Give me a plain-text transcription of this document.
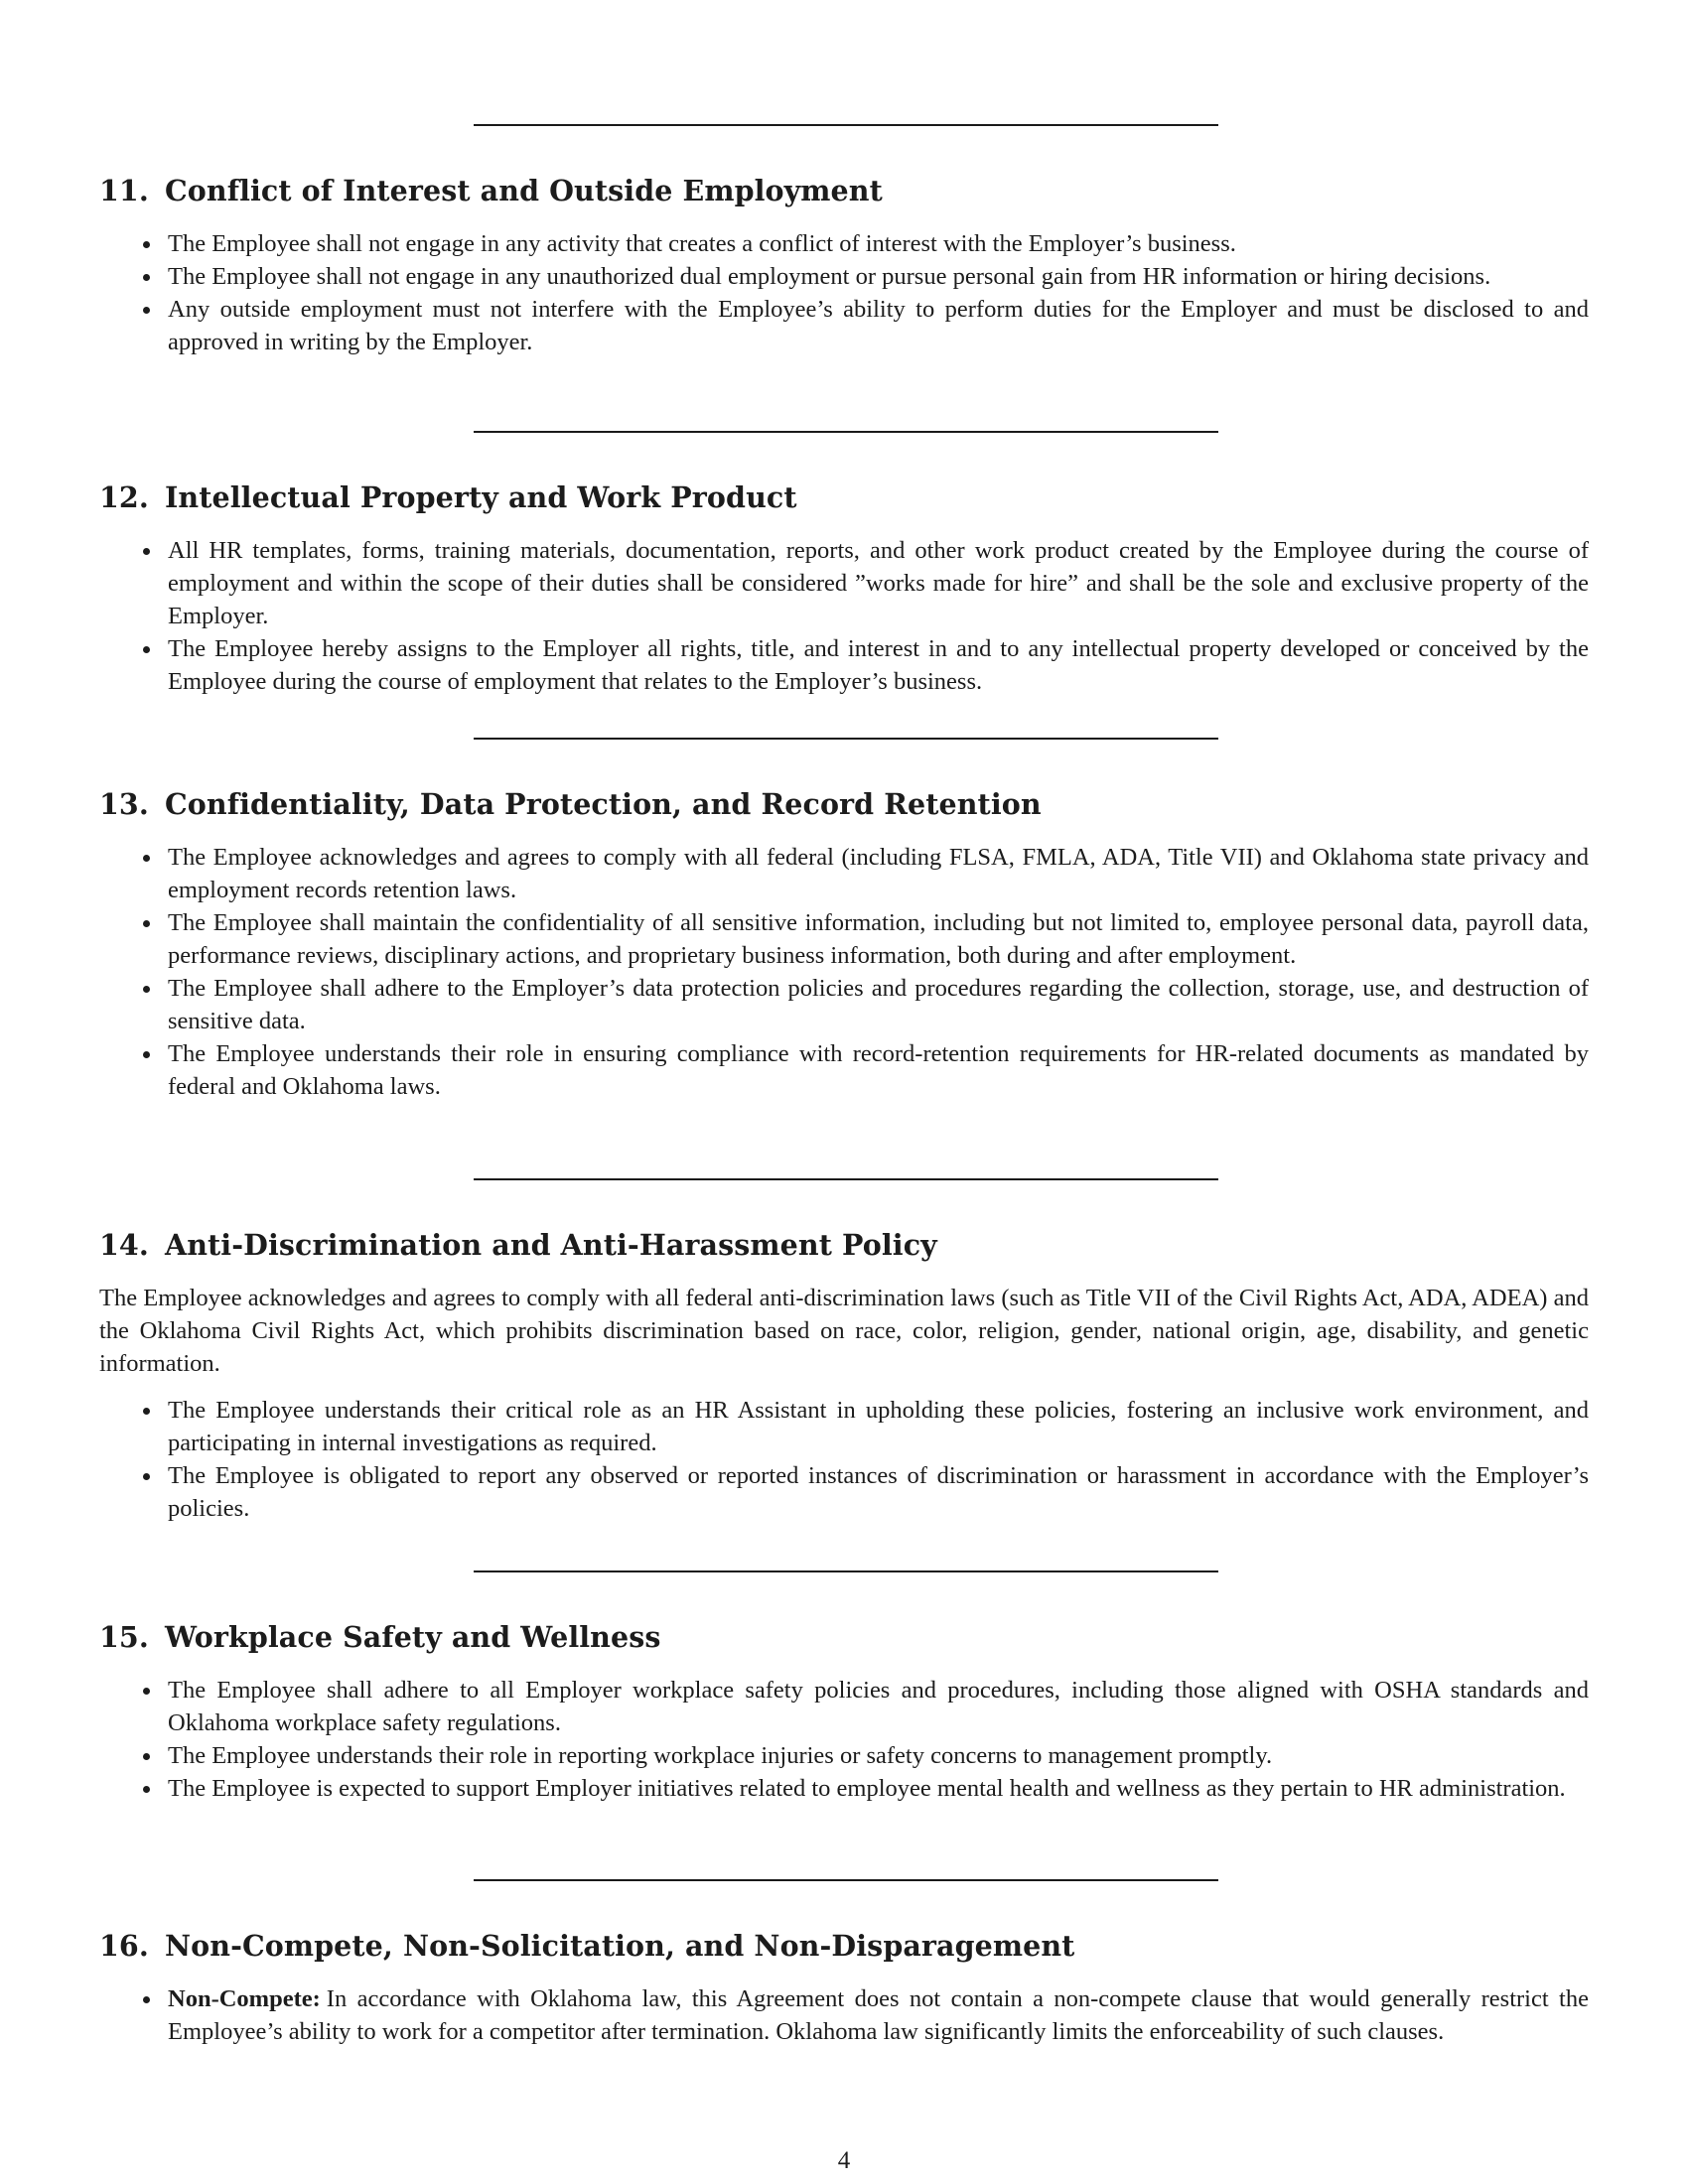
11. Conflict of Interest and Outside Employment
The Employee shall not engage in any activity that creates a conflict of interest with the Employer’s business.
The Employee shall not engage in any unauthorized dual employment or pursue personal gain from HR information or hiring decisions.
Any outside employment must not interfere with the Employee’s ability to perform duties for the Employer and must be disclosed to and approved in writing by the Employer.
12. Intellectual Property and Work Product
All HR templates, forms, training materials, documentation, reports, and other work product created by the Employee during the course of employment and within the scope of their duties shall be considered ”works made for hire” and shall be the sole and exclusive property of the Employer.
The Employee hereby assigns to the Employer all rights, title, and interest in and to any intellectual property developed or conceived by the Employee during the course of employment that relates to the Employer’s business.
13. Confidentiality, Data Protection, and Record Retention
The Employee acknowledges and agrees to comply with all federal (including FLSA, FMLA, ADA, Title VII) and Oklahoma state privacy and employment records retention laws.
The Employee shall maintain the confidentiality of all sensitive information, including but not limited to, employee personal data, payroll data, performance reviews, disciplinary actions, and proprietary business information, both during and after employment.
The Employee shall adhere to the Employer’s data protection policies and procedures regarding the collection, storage, use, and destruction of sensitive data.
The Employee understands their role in ensuring compliance with record-retention requirements for HR-related documents as mandated by federal and Oklahoma laws.
14. Anti-Discrimination and Anti-Harassment Policy

The Employee acknowledges and agrees to comply with all federal anti-discrimination laws (such as Title VII of the Civil Rights Act, ADA, ADEA) and the Oklahoma Civil Rights Act, which prohibits discrimination based on race, color, religion, gender, national origin, age, disability, and genetic information.

The Employee understands their critical role as an HR Assistant in upholding these policies, fostering an inclusive work environment, and participating in internal investigations as required.
The Employee is obligated to report any observed or reported instances of discrimination or harassment in accordance with the Employer’s policies.
15. Workplace Safety and Wellness
The Employee shall adhere to all Employer workplace safety policies and procedures, including those aligned with OSHA standards and Oklahoma workplace safety regulations.
The Employee understands their role in reporting workplace injuries or safety concerns to management promptly.
The Employee is expected to support Employer initiatives related to employee mental health and wellness as they pertain to HR administration.
16. Non-Compete, Non-Solicitation, and Non-Disparagement
Non-Compete: In accordance with Oklahoma law, this Agreement does not contain a non-compete clause that would generally restrict the Employee’s ability to work for a competitor after termination. Oklahoma law significantly limits the enforceability of such clauses.
4
